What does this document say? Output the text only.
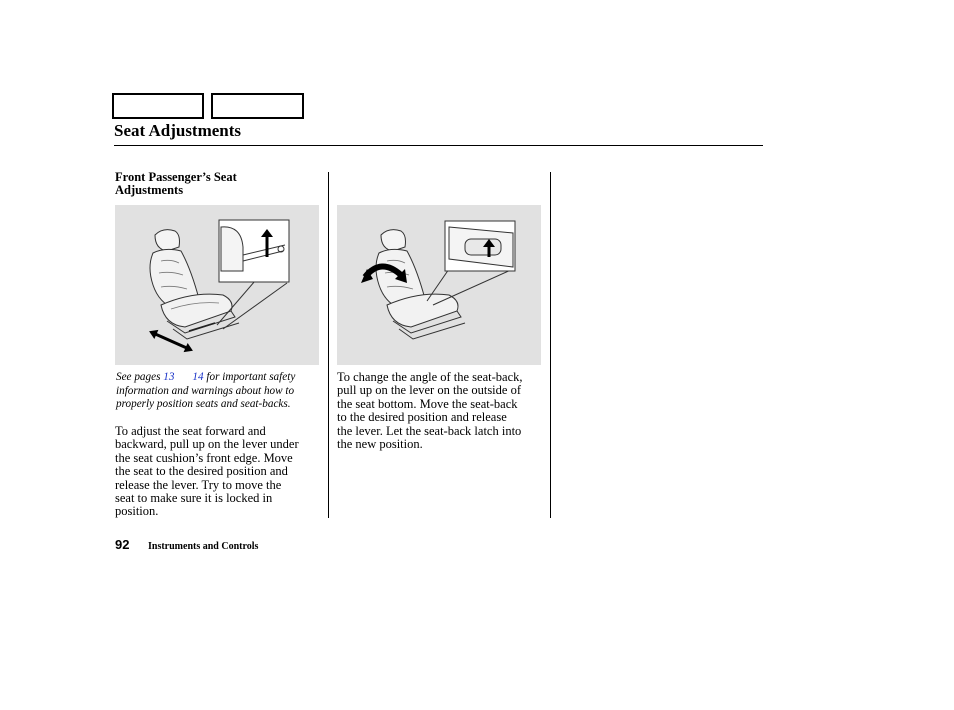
Seat Adjustments
Front Passenger’s Seat
Adjustments
See pages 13 14 for important safety
information and warnings about how to
properly position seats and seat-backs.
To adjust the seat forward and
backward, pull up on the lever under
the seat cushion’s front edge. Move
the seat to the desired position and
release the lever. Try to move the
seat to make sure it is locked in
position.
To change the angle of the seat-back,
pull up on the lever on the outside of
the seat bottom. Move the seat-back
to the desired position and release
the lever. Let the seat-back latch into
the new position.
92 Instruments and Controls
